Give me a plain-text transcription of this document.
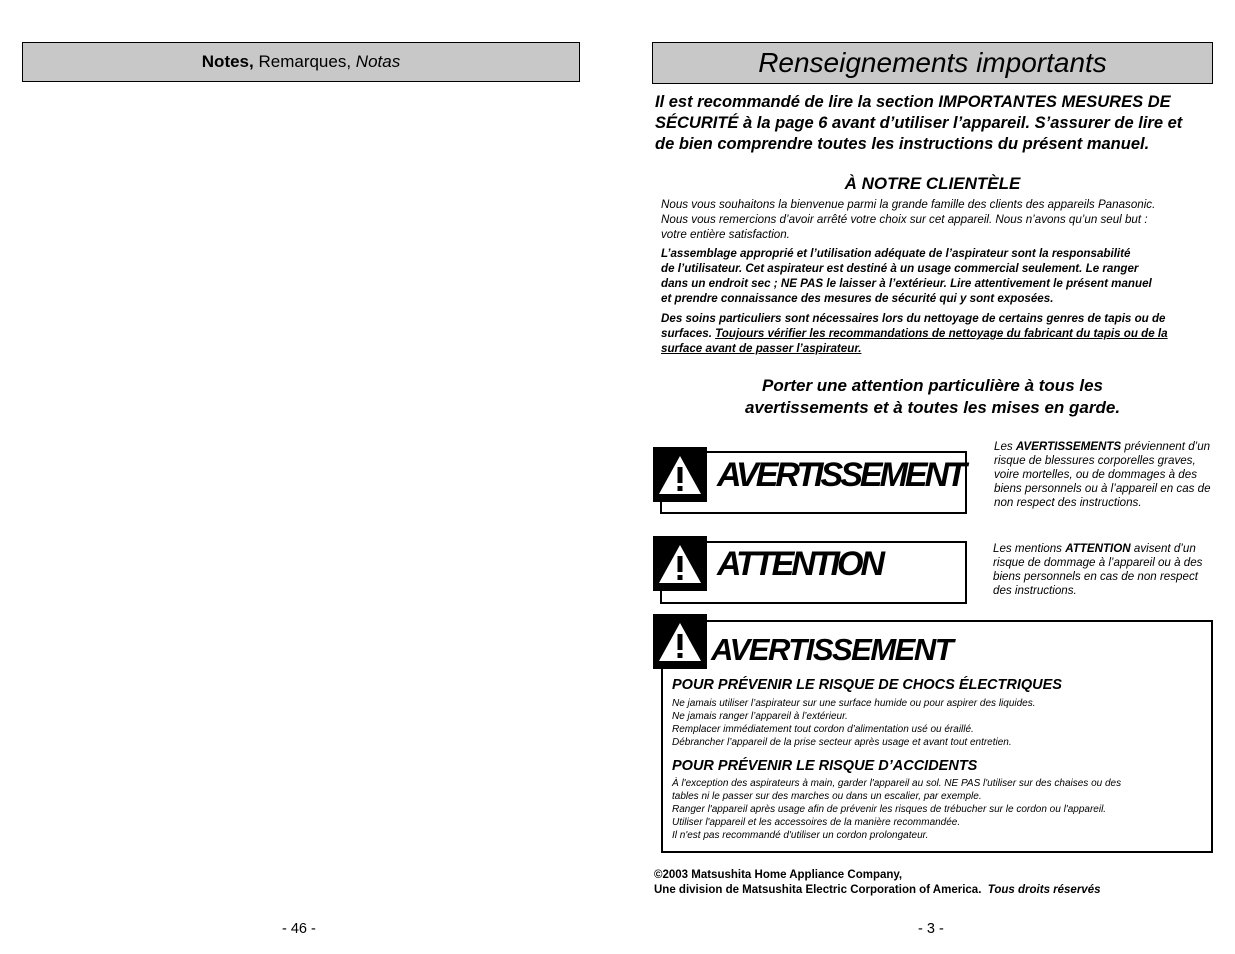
Notes, Remarques, Notas
- 46 -
Renseignements importants
Il est recommandé de lire la section IMPORTANTES MESURES DE
SÉCURITÉ à la page 6 avant d’utiliser l’appareil. S’assurer de lire et
de bien comprendre toutes les instructions du présent manuel.
À NOTRE CLIENTÈLE
Nous vous souhaitons la bienvenue parmi la grande famille des clients des appareils Panasonic.
Nous vous remercions d’avoir arrêté votre choix sur cet appareil. Nous n’avons qu’un seul but :
votre entière satisfaction.
L’assemblage approprié et l’utilisation adéquate de l’aspirateur sont la responsabilité
de l’utilisateur. Cet aspirateur est destiné à un usage commercial seulement. Le ranger
dans un endroit sec ; NE PAS le laisser à l’extérieur. Lire attentivement le présent manuel
et prendre connaissance des mesures de sécurité qui y sont exposées.
Des soins particuliers sont nécessaires lors du nettoyage de certains genres de tapis ou de
surfaces. Toujours vérifier les recommandations de nettoyage du fabricant du tapis ou de la
surface avant de passer l’aspirateur.
Porter une attention particulière à tous les
avertissements et à toutes les mises en garde.
AVERTISSEMENT
Les AVERTISSEMENTS préviennent d’un risque de blessures corporelles graves, voire mortelles, ou de dommages à des biens personnels ou à l’appareil en cas de non respect des instructions.
ATTENTION	Les mentions ATTENTION avisent d’un risque de dommage à l’appareil ou à des biens personnels en cas de non respect des instructions.
AVERTISSEMENT
POUR PRÉVENIR LE RISQUE DE CHOCS ÉLECTRIQUES
Ne jamais utiliser l’aspirateur sur une surface humide ou pour aspirer des liquides.
Ne jamais ranger l’appareil à l’extérieur.
Remplacer immédiatement tout cordon d’alimentation usé ou éraillé.
Débrancher l’appareil de la prise secteur après usage et avant tout entretien.
POUR PRÉVENIR LE RISQUE D’ACCIDENTS
À l'exception des aspirateurs à main, garder l'appareil au sol. NE PAS l'utiliser sur des chaises ou des
tables ni le passer sur des marches ou dans un escalier, par exemple.
Ranger l'appareil après usage afin de prévenir les risques de trébucher sur le cordon ou l'appareil.
Utiliser l'appareil et les accessoires de la manière recommandée.
Il n'est pas recommandé d'utiliser un cordon prolongateur.
©2003 Matsushita Home Appliance Company,
Une division de Matsushita Electric Corporation of America.  Tous droits réservés
- 3 -
